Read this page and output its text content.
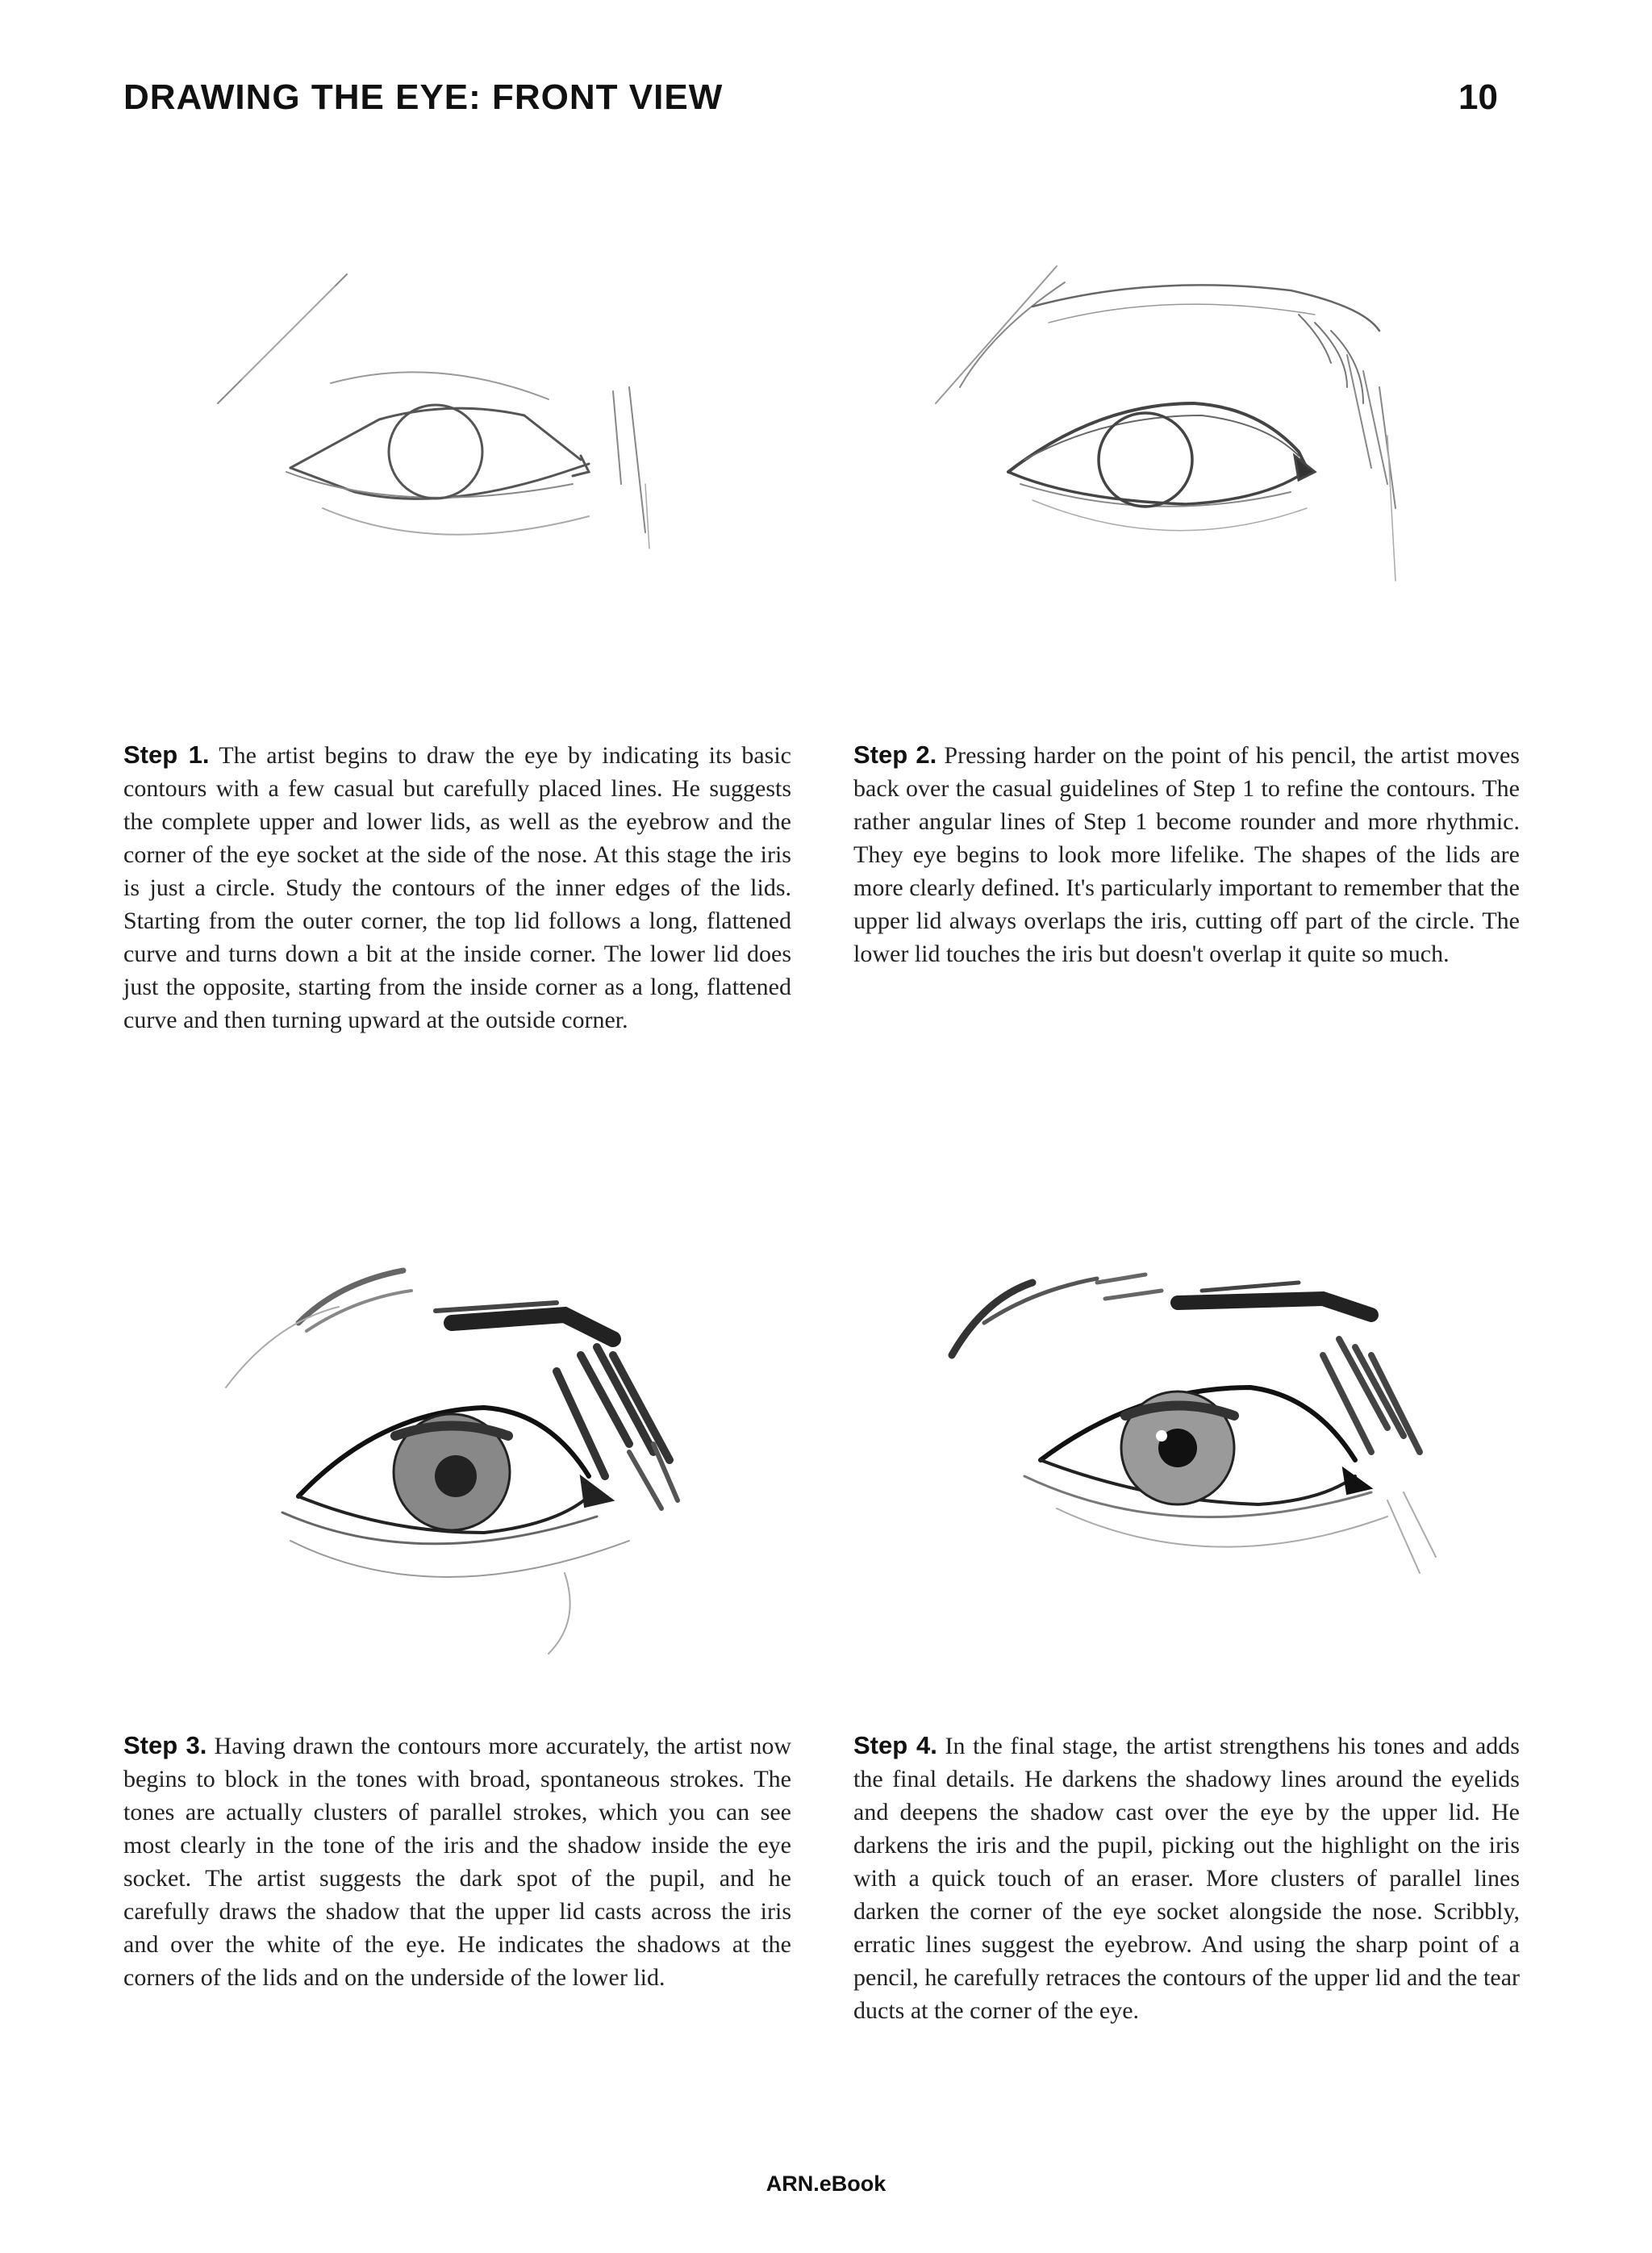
DRAWING THE EYE: FRONT VIEW	10
Step 1. The artist begins to draw the eye by indicating its basic contours with a few casual but carefully placed lines. He suggests the complete upper and lower lids, as well as the eyebrow and the corner of the eye socket at the side of the nose. At this stage the iris is just a circle. Study the contours of the inner edges of the lids. Starting from the outer corner, the top lid follows a long, flattened curve and turns down a bit at the inside corner. The lower lid does just the opposite, starting from the inside corner as a long, flattened curve and then turning upward at the outside corner.
Step 2. Pressing harder on the point of his pencil, the artist moves back over the casual guidelines of Step 1 to refine the contours. The rather angular lines of Step 1 become rounder and more rhythmic. They eye begins to look more lifelike. The shapes of the lids are more clearly defined. It's particularly important to remember that the upper lid always overlaps the iris, cutting off part of the circle. The lower lid touches the iris but doesn't overlap it quite so much.
Step 3. Having drawn the contours more accurately, the artist now begins to block in the tones with broad, spontaneous strokes. The tones are actually clusters of parallel strokes, which you can see most clearly in the tone of the iris and the shadow inside the eye socket. The artist suggests the dark spot of the pupil, and he carefully draws the shadow that the upper lid casts across the iris and over the white of the eye. He indicates the shadows at the corners of the lids and on the underside of the lower lid.
Step 4. In the final stage, the artist strengthens his tones and adds the final details. He darkens the shadowy lines around the eyelids and deepens the shadow cast over the eye by the upper lid. He darkens the iris and the pupil, picking out the highlight on the iris with a quick touch of an eraser. More clusters of parallel lines darken the corner of the eye socket alongside the nose. Scribbly, erratic lines suggest the eyebrow. And using the sharp point of a pencil, he carefully retraces the contours of the upper lid and the tear ducts at the corner of the eye.
ARN.eBook
